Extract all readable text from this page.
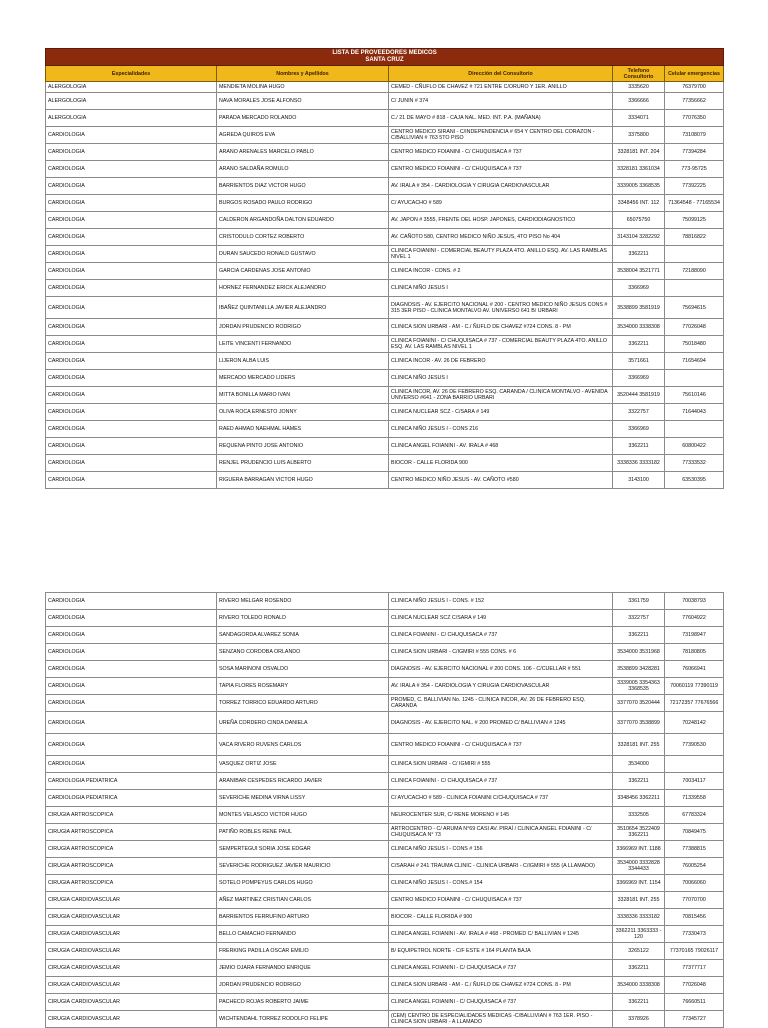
LISTA DE PROVEEDORES MEDICOS
SANTA CRUZ				

Especialidades	Nombres y Apellidos	Dirección del Consultorio	Telefono Consultorio	Celular emergencias
ALERGOLOGIA	MENDIETA MOLINA HUGO	CEMED - CÑUFLO DE CHAVEZ # 721 ENTRE C/ORURO Y 1ER. ANILLO	3335620	76379700
ALERGOLOGIA	NAVA MORALES JOSE ALFONSO	C/ JUNIN # 374	3366666	77356662
ALERGOLOGIA	PARADA MERCADO ROLANDO	C./ 21 DE MAYO # 818 - CAJA NAL. MED. INT. P.A. (MAÑANA)	3334071	77076350
CARDIOLOGIA	AGREDA QUIROS EVA	CENTRO MEDICO SIRANI - C/INDEPENDENCIA # 654 Y CENTRO DEL CORAZON - C/BALLIVIAN # 763 5TO PISO	3375800	73108079
CARDIOLOGIA	ARANO ARENALES MARCELO PABLO	CENTRO MEDICO FOIANINI - C/ CHUQUISACA # 737	3328181 INT. 204	77394284
CARDIOLOGIA	ARANO SALDAÑA ROMULO	CENTRO MEDICO FOIANINI - C/ CHUQUISACA # 737	3328181 3361034	773-95725
CARDIOLOGIA	BARRIENTOS DIAZ VICTOR HUGO	AV. IRALA # 354 - CARDIOLOGIA Y CIRUGIA CARDIOVASCULAR	3339005 3368535	77392225
CARDIOLOGIA	BURGOS ROSADO PAULO RODRIGO	C/ AYUCACHO # 589	3348456 INT. 112	71364548 - 77165534
CARDIOLOGIA	CALDERON ARGANDOÑA DALTON EDUARDO	AV. JAPON # 3555, FRENTE DEL HOSP. JAPONES, CARDIODIAGNOSTICO	65075750	75099125
CARDIOLOGIA	CRISTODULO CORTEZ ROBERTO	AV. CAÑOTO 580, CENTRO MEDICO NIÑO JESUS, 4TO PISO No 404	3143104 3282292	78816822
CARDIOLOGIA	DURAN SAUCEDO RONALD GUSTAVO	CLINICA FOIANINI - COMERCIAL BEAUTY PLAZA 4TO. ANILLO ESQ. AV. LAS RAMBLAS NIVEL 1	3362211	
CARDIOLOGIA	GARCIA CARDENAS JOSE ANTONIO	CLINICA INCOR - CONS. # 2	3538004 3521771	72188090
CARDIOLOGIA	HORNEZ FERNANDEZ ERICK ALEJANDRO	CLINICA NIÑO JESUS I	3366969	
CARDIOLOGIA	IBAÑEZ QUINTANILLA JAVIER ALEJANDRO	DIAGNOSIS - AV. EJERCITO NACIONAL # 200 - CENTRO MEDICO NIÑO JESUS CONS # 315 3ER PISO - CLINICA MONTALVO AV. UNIVERSO 641 B/ URBARI	3538899 3581919	75694615
CARDIOLOGIA	JORDAN PRUDENCIO RODRIGO	CLINICA SION URBARI - AM - C./ ÑUFLO DE CHAVEZ #724 CONS. 8 - PM	3534000 3338308	77026048
CARDIOLOGIA	LEITE VINCENTI FERNANDO	CLINICA FOIANINI - C/ CHUQUISACA # 737 - COMERCIAL BEAUTY PLAZA 4TO. ANILLO ESQ. AV. LAS RAMBLAS NIVEL 1	3362211	75018480
CARDIOLOGIA	LIJERON ALBA LUIS	CLINICA INCOR - AV. 26 DE FEBRERO	3571661	71654694
CARDIOLOGIA	MERCADO MERCADO LIDERS	CLINICA NIÑO JESUS I	3366969	
CARDIOLOGIA	MITTA BONILLA MARIO IVAN	CLINICA INCOR, AV. 26 DE FEBRERO ESQ. CARANDA / CLINICA MONTALVO - AVENIDA UNIVERSO #641 - ZONA BARRIO URBARI	3520444 3581919	75610146
CARDIOLOGIA	OLIVA ROCA ERNESTO JONNY	CLINICA NUCLEAR SCZ - C/SARA # 149	3322757	71644043
CARDIOLOGIA	RAED AHMAD NAEHMAL HAMES	CLINICA NIÑO JESUS I - CONS 216	3366969	
CARDIOLOGIA	REQUENA PINTO JOSE ANTONIO	CLINICA ANGEL FOIANINI - AV. IRALA # 468	3362211	60800422
CARDIOLOGIA	RENJEL PRUDENCIO LUIS ALBERTO	BIOCOR - CALLE FLORIDA 900	3338336 3333182	77333532
CARDIOLOGIA	RIGUERA BARRAGAN VICTOR HUGO	CENTRO MEDICO NIÑO JESUS - AV. CAÑOTO #580	3143100	63530395
CARDIOLOGIA	RIVERO MELGAR ROSENDO	CLINICA NIÑO JESUS I - CONS. # 152	3361759	70038793
CARDIOLOGIA	RIVERO TOLEDO RONALD	CLINICA NUCLEAR SCZ C/SARA # 149	3322757	77604922
CARDIOLOGIA	SANDAGORDA ALVAREZ SONIA	CLINICA FOIANINI - C/ CHUQUISACA # 737	3362211	73198947
CARDIOLOGIA	SENZANO CORDOBA ORLANDO	CLINICA SION URBARI - C/IGMIRI # 555 CONS. # 6	3534000 3531968	78180805
CARDIOLOGIA	SOSA MARINONI OSVALDO	DIAGNOSIS - AV. EJERCITO NACIONAL # 200 CONS. 106 - C/CUELLAR # 551	3538899 3428281	76066941
CARDIOLOGIA	TAPIA FLORES ROSEMARY	AV. IRALA # 354 - CARDIOLOGIA Y CIRUGIA CARDIOVASCULAR	3339005 3354363 3368535	70060119 77390119
CARDIOLOGIA	TORREZ TORRICO EDUARDO ARTURO	PROMED, C. BALLIVIAN No. 1245 - CLINICA INCOR, AV. 26 DE FEBRERO ESQ. CARANDA	3377070 3520444	72172357 77676566
CARDIOLOGIA	UREÑA CORDERO CINDA DANIELA	DIAGNOSIS - AV. EJERCITO NAL. # 200 PROMED C/ BALLIVIAN # 1245	3377070 3538899	70248142
CARDIOLOGIA	VACA RIVERO RUVENS CARLOS	CENTRO MEDICO FOIANINI - C/ CHUQUISACA # 737	3328181 INT. 255	77390530
CARDIOLOGIA	VASQUEZ ORTIZ JOSE	CLINICA SION URBARI - C/ IGMIRI # 555	3534000	
CARDIOLOGIA PEDIATRICA	ARANIBAR CESPEDES RICARDO JAVIER	CLINICA FOIANINI - C/ CHUQUISACA # 737	3362211	70034117
CARDIOLOGIA PEDIATRICA	SEVERICHE MEDINA VIRNA LISSY	C/ AYUCACHO # 589 - CLINICA FOIANINI C/CHUQUISACA # 737	3348456 3362211	71339558
CIRUGIA ARTROSCOPICA	MONTES VELASCO VICTOR HUGO	NEUROCENTER SUR, C/ RENE MORENO # 145	3332505	67783324
CIRUGIA ARTROSCOPICA	PATIÑO ROBLES RENE PAUL	ARTROCENTRO - C/ ARUMA N°69 CASI AV. PIRAÍ / CLINICA ANGEL FOIANINI - C/ CHUQUISACA N° 73	3510654 3522409 3362211	70849475
CIRUGIA ARTROSCOPICA	SEMPERTEGUI SORIA JOSE EDGAR	CLINICA NIÑO JESUS I - CONS # 156	3366969 INT. 1188	77388815
CIRUGIA ARTROSCOPICA	SEVERICHE RODRIGUEZ JAVIER MAURICIO	C/SARAH # 241 TRAUMA CLINIC - CLINICA URBARI - C/IGMIRI # 555 (A LLAMADO)	3534000 3332828 3344433	76005254
CIRUGIA ARTROSCOPICA	SOTELO POMPEYUS CARLOS HUGO	CLINICA NIÑO JESUS I - CONS.# 154	3366969 INT. 1154	70066060
CIRUGIA CARDIOVASCULAR	AÑEZ MARTINEZ CRISTIAN CARLOS	CENTRO MEDICO FOIANINI - C/ CHUQUISACA # 737	3328181 INT. 255	77070700
CIRUGIA CARDIOVASCULAR	BARRIENTOS FERRUFINO ARTURO	BIOCOR - CALLE FLORIDA # 900	3338336 3333182	70815456
CIRUGIA CARDIOVASCULAR	BELLO CAMACHO FERNANDO	CLINICA ANGEL FOIANINI - AV. IRALA # 468 - PROMED C/ BALLIVIAN # 1245	3362211 3363333 - 120	77330473
CIRUGIA CARDIOVASCULAR	FRERKING PADILLA OSCAR EMILIO	B/ EQUIPETROL NORTE - C/F ESTE # 164 PLANTA BAJA	3265122	77370165 79026117
CIRUGIA CARDIOVASCULAR	JEMIO OJARA FERNANDO ENRIQUE	CLINICA ANGEL FOIANINI - C/ CHUQUISACA # 737	3362211	77377717
CIRUGIA CARDIOVASCULAR	JORDAN PRUDENCIO RODRIGO	CLINICA SION URBARI - AM - C./ ÑUFLO DE CHAVEZ #724 CONS. 8 - PM	3534000 3338308	77026048
CIRUGIA CARDIOVASCULAR	PACHECO ROJAS ROBERTO JAIME	CLINICA ANGEL FOIANINI - C/ CHUQUISACA # 737	3362211	76660511
CIRUGIA CARDIOVASCULAR	WICHTENDAHL TORREZ RODOLFO FELIPE	(CEM) CENTRO DE ESPECIALIDADES MEDICAS -C/BALLIVIAN # 763 1ER. PISO - CLINICA SION URBARI - A LLAMADO	3378926	77345727
